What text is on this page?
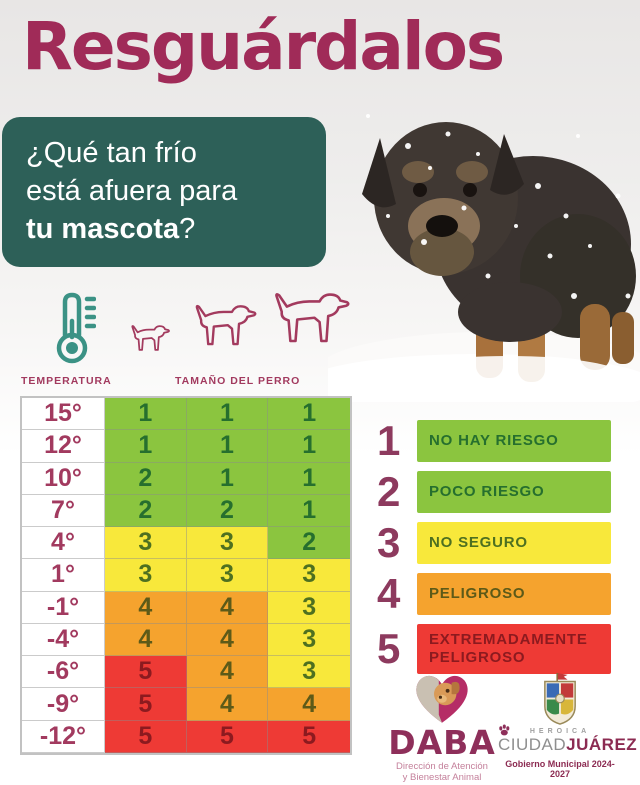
Resguárdalos
¿Qué tan frío
está afuera para
tu mascota?
TEMPERATURA	TAMAÑO DEL PERRO
15°	1	1	1
12°	1	1	1
10°	2	1	1
7°	2	2	1
4°	3	3	2
1°	3	3	3
-1°	4	4	3
-4°	4	4	3
-6°	5	4	3
-9°	5	4	4
-12°	5	5	5
1	NO HAY RIESGO
2	POCO RIESGO
3	NO SEGURO
4	PELIGROSO
5	EXTREMADAMENTE PELIGROSO
DABA
Dirección de Atención
y Bienestar Animal
HEROICA
CIUDADJUÁREZ
Gobierno Municipal 2024-2027
